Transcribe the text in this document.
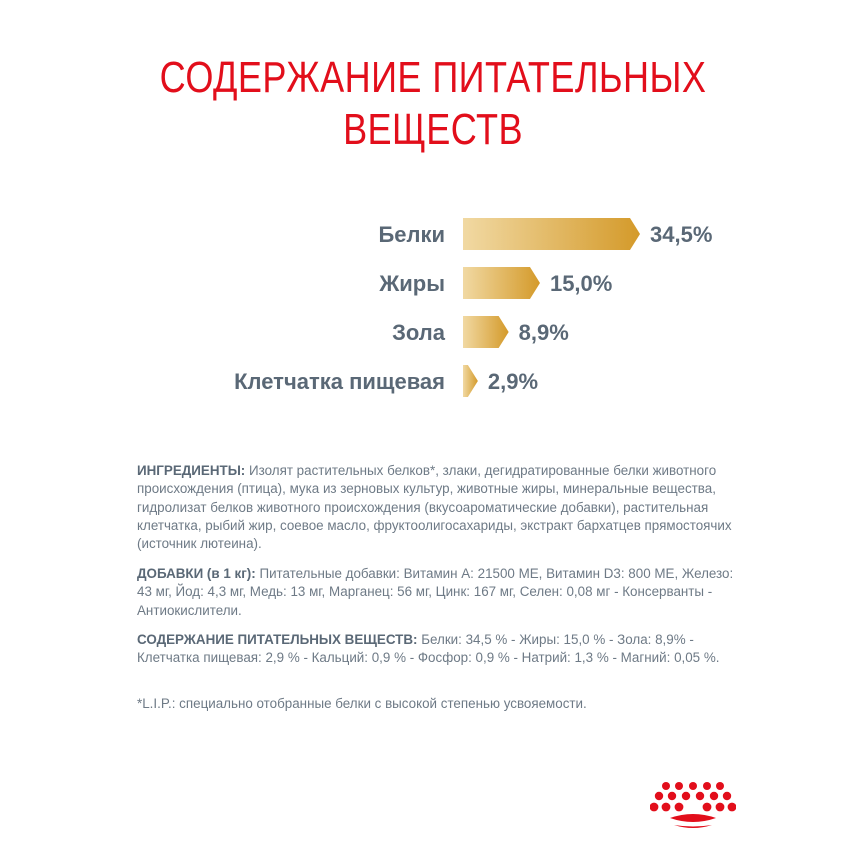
СОДЕРЖАНИЕ ПИТАТЕЛЬНЫХ
ВЕЩЕСТВ
Белки	34,5%
Жиры	15,0%
Зола	8,9%
Клетчатка пищевая 2,9%
ИНГРЕДИЕНТЫ: Изолят растительных белков*, злаки, дегидратированные белки животного происхождения (птица), мука из зерновых культур, животные жиры, минеральные вещества, гидролизат белков животного происхождения (вкусоароматические добавки), растительная клетчатка, рыбий жир, соевое масло, фруктоолигосахариды, экстракт бархатцев прямостоячих (источник лютеина).
ДОБАВКИ (в 1 кг): Питательные добавки: Витамин А: 21500 МЕ, Витамин D3: 800 МЕ, Железо: 43 мг, Йод: 4,3 мг, Медь: 13 мг, Марганец: 56 мг, Цинк: 167 мг, Селен: 0,08 мг - Консерванты - Антиокислители.
СОДЕРЖАНИЕ ПИТАТЕЛЬНЫХ ВЕЩЕСТВ: Белки: 34,5 % - Жиры: 15,0 % - Зола: 8,9% - Клетчатка пищевая: 2,9 % - Кальций: 0,9 % - Фосфор: 0,9 % - Натрий: 1,3 % - Магний: 0,05 %.
*L.I.P.: специально отобранные белки с высокой степенью усвояемости.
